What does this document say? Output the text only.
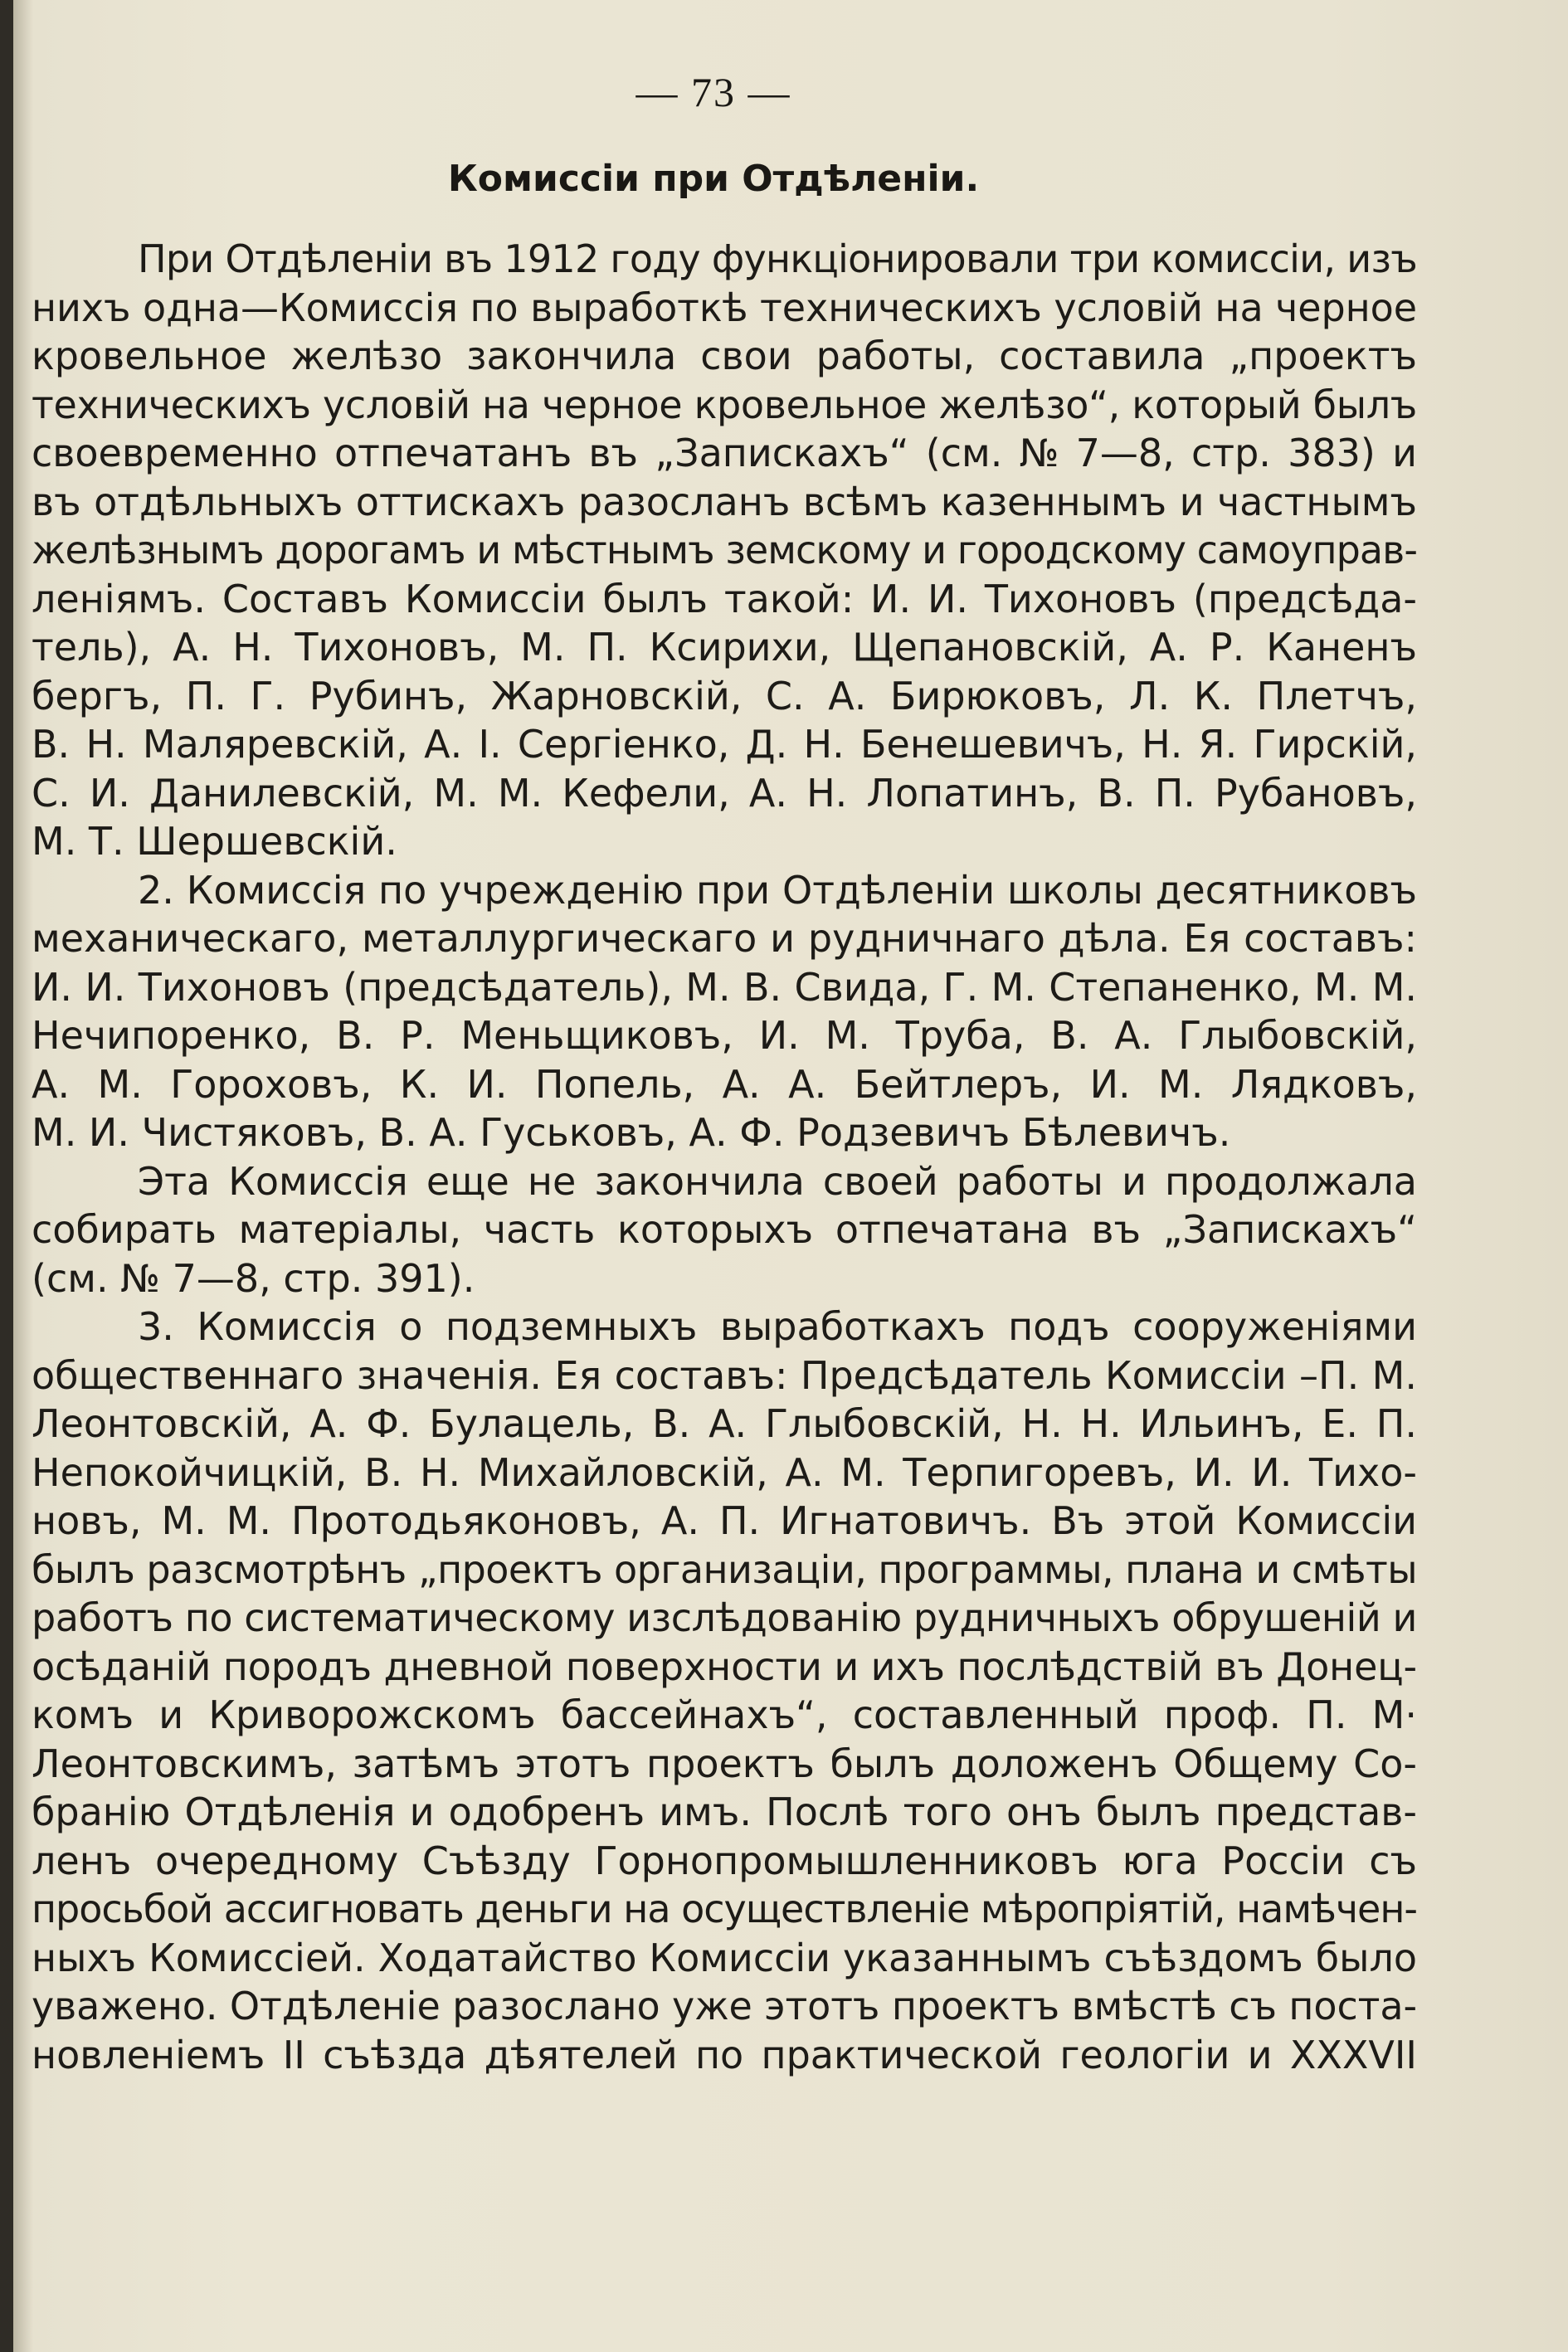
— 73 —
Комиссіи при Отдѣленіи.
При Отдѣленіи въ 1912 году функціонировали три комиссіи, изъ
нихъ одна—Комиссія по выработкѣ техническихъ условій на черное
кровельное желѣзо закончила свои работы, составила „проектъ
техническихъ условій на черное кровельное желѣзо“, который былъ
своевременно отпечатанъ въ „Запискахъ“ (см. № 7—8, стр. 383) и
въ отдѣльныхъ оттискахъ разосланъ всѣмъ казеннымъ и частнымъ
желѣзнымъ дорогамъ и мѣстнымъ земскому и городскому самоуправ-
леніямъ. Составъ Комиссіи былъ такой: И. И. Тихоновъ (предсѣда-
тель), А. Н. Тихоновъ, М. П. Ксирихи, Щепановскій, А. Р. Каненъ
бергъ, П. Г. Рубинъ, Жарновскій, С. А. Бирюковъ, Л. К. Плетчъ,
В. Н. Маляревскій, А. І. Сергіенко, Д. Н. Бенешевичъ, Н. Я. Гирскій,
С. И. Данилевскій, М. М. Кефели, А. Н. Лопатинъ, В. П. Рубановъ,
М. Т. Шершевскій.
2. Комиссія по учрежденію при Отдѣленіи школы десятниковъ
механическаго, металлургическаго и рудничнаго дѣла. Ея составъ:
И. И. Тихоновъ (предсѣдатель), М. В. Свида, Г. М. Степаненко, М. М.
Нечипоренко, В. Р. Меньщиковъ, И. М. Труба, В. А. Глыбовскій,
А. М. Гороховъ, К. И. Попель, А. А. Бейтлеръ, И. М. Лядковъ,
М. И. Чистяковъ, В. А. Гуськовъ, А. Ф. Родзевичъ Бѣлевичъ.
Эта Комиссія еще не закончила своей работы и продолжала
собирать матеріалы, часть которыхъ отпечатана въ „Запискахъ“
(см. № 7—8, стр. 391).
3. Комиссія о подземныхъ выработкахъ подъ сооруженіями
общественнаго значенія. Ея составъ: Предсѣдатель Комиссіи –П. М.
Леонтовскій, А. Ф. Булацель, В. А. Глыбовскій, Н. Н. Ильинъ, Е. П.
Непокойчицкій, В. Н. Михайловскій, А. М. Терпигоревъ, И. И. Тихо-
новъ, М. М. Протодьяконовъ, А. П. Игнатовичъ. Въ этой Комиссіи
былъ разсмотрѣнъ „проектъ организаціи, программы, плана и смѣты
работъ по систематическому изслѣдованію рудничныхъ обрушеній и
осѣданій породъ дневной поверхности и ихъ послѣдствій въ Донец-
комъ и Криворожскомъ бассейнахъ“, составленный проф. П. М·
Леонтовскимъ, затѣмъ этотъ проектъ былъ доложенъ Общему Со-
бранію Отдѣленія и одобренъ имъ. Послѣ того онъ былъ представ-
ленъ очередному Съѣзду Горнопромышленниковъ юга Россіи съ
просьбой ассигновать деньги на осуществленіе мѣропріятій, намѣчен-
ныхъ Комиссіей. Ходатайство Комиссіи указаннымъ съѣздомъ было
уважено. Отдѣленіе разослано уже этотъ проектъ вмѣстѣ съ поста-
новленіемъ II съѣзда дѣятелей по практической геологіи и XXXVII
